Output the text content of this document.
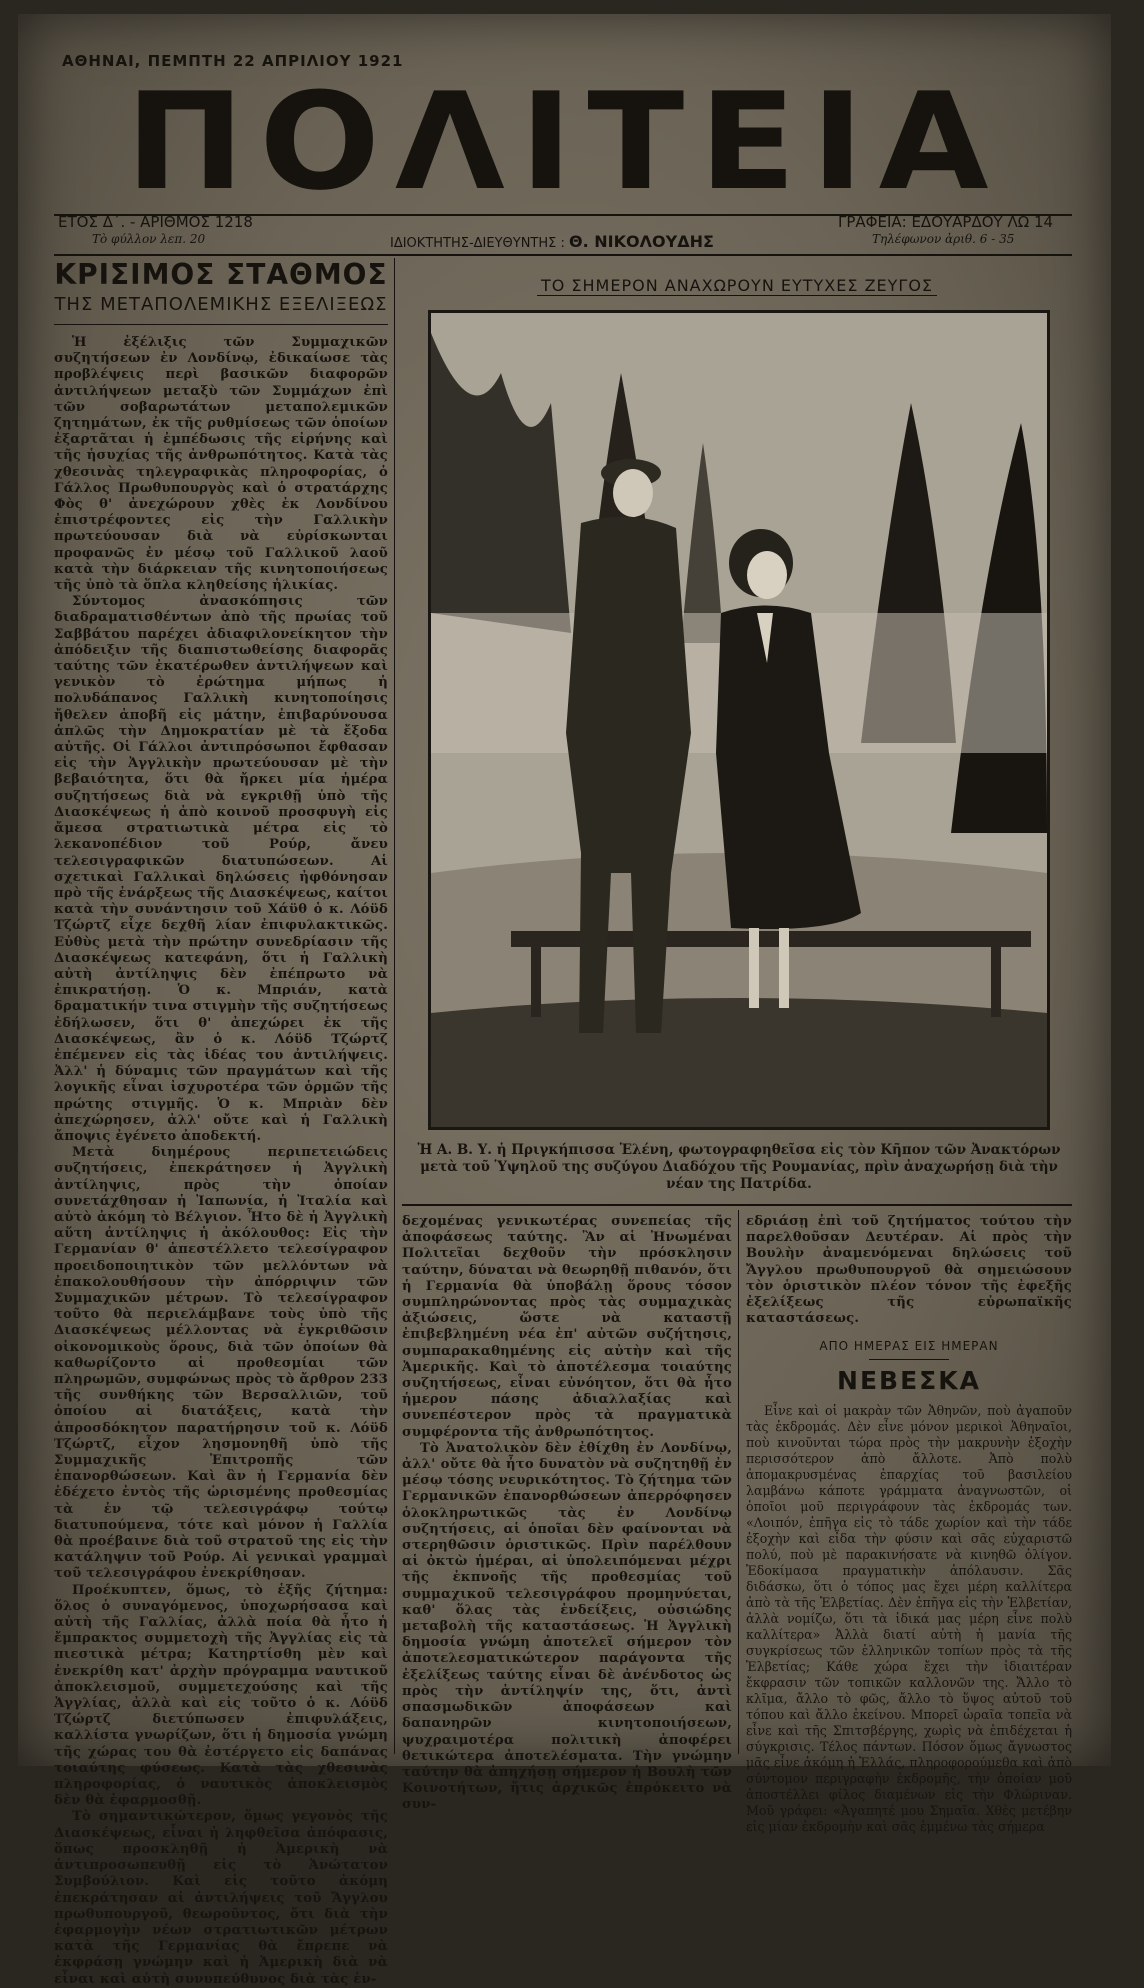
ΑΘΗΝΑΙ, ΠΕΜΠΤΗ 22 ΑΠΡΙΛΙΟΥ 1921
ΠΟΛΙΤΕΙΑ
ΕΤΟΣ Δ΄. - ΑΡΙΘΜΟΣ 1218
Τὸ φύλλον λεπ. 20	ΙΔΙΟΚΤΗΤΗΣ-ΔΙΕΥΘΥΝΤΗΣ : Θ. ΝΙΚΟΛΟΥΔΗΣ
ΓΡΑΦΕΙΑ: ΕΔΟΥΑΡΔΟΥ ΛΩ 14
Τηλέφωνον ἀριθ. 6 - 35
ΚΡΙΣΙΜΟΣ ΣΤΑΘΜΟΣ
ΤΗΣ ΜΕΤΑΠΟΛΕΜΙΚΗΣ ΕΞΕΛΙΞΕΩΣ

Ἡ ἐξέλιξις τῶν Συμμαχικῶν συζητήσεων ἐν Λονδίνῳ, ἐδικαίωσε τὰς προβλέψεις περὶ βασικῶν διαφορῶν ἀντιλήψεων μεταξὺ τῶν Συμμάχων ἐπὶ τῶν σοβαρωτάτων μεταπολεμικῶν ζητημάτων, ἐκ τῆς ρυθμίσεως τῶν ὁποίων ἐξαρτᾶται ἡ ἐμπέδωσις τῆς εἰρήνης καὶ τῆς ἡσυχίας τῆς ἀνθρωπότητος. Κατὰ τὰς χθεσινὰς τηλεγραφικὰς πληροφορίας, ὁ Γάλλος Πρωθυπουργὸς καὶ ὁ στρατάρχης Φὸς θ' ἀνεχώρουν χθὲς ἐκ Λονδίνου ἐπιστρέφοντες εἰς τὴν Γαλλικὴν πρωτεύουσαν διὰ νὰ εὑρίσκωνται προφανῶς ἐν μέσῳ τοῦ Γαλλικοῦ λαοῦ κατὰ τὴν διάρκειαν τῆς κινητοποιήσεως τῆς ὑπὸ τὰ ὅπλα κληθείσης ἡλικίας.

Σύντομος ἀνασκόπησις τῶν διαδραματισθέντων ἀπὸ τῆς πρωίας τοῦ Σαββάτου παρέχει ἀδιαφιλονείκητον τὴν ἀπόδειξιν τῆς διαπιστωθείσης διαφορᾶς ταύτης τῶν ἐκατέρωθεν ἀντιλήψεων καὶ γενικὸν τὸ ἐρώτημα μήπως ἡ πολυδάπανος Γαλλικὴ κινητοποίησις ἤθελεν ἀποβῆ εἰς μάτην, ἐπιβαρύνουσα ἁπλῶς τὴν Δημοκρατίαν μὲ τὰ ἔξοδα αὐτῆς. Οἱ Γάλλοι ἀντιπρόσωποι ἔφθασαν εἰς τὴν Ἀγγλικὴν πρωτεύουσαν μὲ τὴν βεβαιότητα, ὅτι θὰ ἤρκει μία ἡμέρα συζητήσεως διὰ νὰ εγκριθῇ ὑπὸ τῆς Διασκέψεως ἡ ἀπὸ κοινοῦ προσφυγὴ εἰς ἄμεσα στρατιωτικὰ μέτρα εἰς τὸ λεκανοπέδιον τοῦ Ρούρ, ἄνευ τελεσιγραφικῶν διατυπώσεων. Αἱ σχετικαὶ Γαλλικαὶ δηλώσεις ἠφθόνησαν πρὸ τῆς ἐνάρξεως τῆς Διασκέψεως, καίτοι κατὰ τὴν συνάντησιν τοῦ Χάϋθ ὁ κ. Λόϋδ Τζώρτζ εἶχε δεχθῆ λίαν ἐπιφυλακτικῶς. Εὐθὺς μετὰ τὴν πρώτην συνεδρίασιν τῆς Διασκέψεως κατεφάνη, ὅτι ἡ Γαλλικὴ αὐτὴ ἀντίληψις δὲν ἐπέπρωτο νὰ ἐπικρατήσῃ. Ὁ κ. Μπριάν, κατὰ δραματικήν τινα στιγμὴν τῆς συζητήσεως ἐδήλωσεν, ὅτι θ' ἀπεχώρει ἐκ τῆς Διασκέψεως, ἂν ὁ κ. Λόϋδ Τζώρτζ ἐπέμενεν εἰς τὰς ἰδέας του ἀντιλήψεις. Ἀλλ' ἡ δύναμις τῶν πραγμάτων καὶ τῆς λογικῆς εἶναι ἰσχυροτέρα τῶν ὁρμῶν τῆς πρώτης στιγμῆς. Ὁ κ. Μπριὰν δὲν ἀπεχώρησεν, ἀλλ' οὔτε καὶ ἡ Γαλλικὴ ἄποψις ἐγένετο ἀποδεκτή.

Μετὰ διημέρους περιπετειώδεις συζητήσεις, ἐπεκράτησεν ἡ Ἀγγλικὴ ἀντίληψις, πρὸς τὴν ὁποίαν συνετάχθησαν ἡ Ἰαπωνία, ἡ Ἰταλία καὶ αὐτὸ ἀκόμη τὸ Βέλγιον. Ἦτο δὲ ἡ Ἀγγλικὴ αὕτη ἀντίληψις ἡ ἀκόλουθος: Εἰς τὴν Γερμανίαν θ' ἀπεστέλλετο τελεσίγραφον προειδοποιητικὸν τῶν μελλόντων νὰ ἐπακολουθήσουν τὴν ἀπόρριψιν τῶν Συμμαχικῶν μέτρων. Τὸ τελεσίγραφον τοῦτο θὰ περιελάμβανε τοὺς ὑπὸ τῆς Διασκέψεως μέλλοντας νὰ ἐγκριθῶσιν οἰκονομικοὺς ὅρους, διὰ τῶν ὁποίων θὰ καθωρίζοντο αἱ προθεσμίαι τῶν πληρωμῶν, συμφώνως πρὸς τὸ ἄρθρον 233 τῆς συνθήκης τῶν Βερσαλλιῶν, τοῦ ὁποίου αἱ διατάξεις, κατὰ τὴν ἀπροσδόκητον παρατήρησιν τοῦ κ. Λόϋδ Τζώρτζ, εἶχον λησμονηθῆ ὑπὸ τῆς Συμμαχικῆς Ἐπιτροπῆς τῶν ἐπανορθώσεων. Καὶ ἂν ἡ Γερμανία δὲν ἐδέχετο ἐντὸς τῆς ὡρισμένης προθεσμίας τὰ ἐν τῷ τελεσιγράφῳ τούτῳ διατυπούμενα, τότε καὶ μόνον ἡ Γαλλία θὰ προέβαινε διὰ τοῦ στρατοῦ της εἰς τὴν κατάληψιν τοῦ Ρούρ. Αἱ γενικαὶ γραμμαὶ τοῦ τελεσιγράφου ἐνεκρίθησαν.

Προέκυπτεν, ὅμως, τὸ ἑξῆς ζήτημα: ὅλος ὁ συναγόμενος, ὑποχωρήσασα καὶ αὐτὴ τῆς Γαλλίας, ἀλλὰ ποία θὰ ἦτο ἡ ἔμπρακτος συμμετοχὴ τῆς Ἀγγλίας εἰς τὰ πιεστικὰ μέτρα; Κατηρτίσθη μὲν καὶ ἐνεκρίθη κατ' ἀρχὴν πρόγραμμα ναυτικοῦ ἀποκλεισμοῦ, συμμετεχούσης καὶ τῆς Ἀγγλίας, ἀλλὰ καὶ εἰς τοῦτο ὁ κ. Λόϋδ Τζώρτζ διετύπωσεν ἐπιφυλάξεις, καλλίστα γνωρίζων, ὅτι ἡ δημοσία γνώμη τῆς χώρας του θὰ ἐστέργετο εἰς δαπάνας τοιαύτης φύσεως. Κατὰ τὰς χθεσινὰς πληροφορίας, ὁ ναυτικὸς ἀποκλεισμὸς δὲν θὰ ἐφαρμοσθῇ.

Τὸ σημαντικώτερον, ὅμως γεγονὸς τῆς Διασκέψεως, εἶναι ἡ ληφθεῖσα ἀπόφασις, ὅπως προσκληθῇ ἡ Ἀμερικὴ νὰ ἀντιπροσωπευθῇ εἰς τὸ Ἀνώτατον Συμβούλιον. Καὶ εἰς τοῦτο ἀκόμη ἐπεκράτησαν αἱ ἀντιλήψεις τοῦ Ἄγγλου πρωθυπουργοῦ, θεωροῦντος, ὅτι διὰ τὴν ἐφαρμογὴν νέων στρατιωτικῶν μέτρων κατὰ τῆς Γερμανίας θὰ ἔπρεπε νὰ ἐκφράσῃ γνώμην καὶ ἡ Ἀμερικὴ διὰ νὰ εἶναι καὶ αὐτὴ συνυπεύθυνος διὰ τὰς ἐν-

ΤΟ ΣΗΜΕΡΟΝ ΑΝΑΧΩΡΟΥΝ ΕΥΤΥΧΕΣ ΖΕΥΓΟΣ
Ἡ Α. Β. Υ. ἡ Πριγκήπισσα Ἑλένη, φωτογραφηθεῖσα εἰς τὸν Κῆπον τῶν Ἀνακτόρων μετὰ τοῦ Ὑψηλοῦ της συζύγου Διαδόχου τῆς Ρουμανίας, πρὶν ἀναχωρήσῃ διὰ τὴν νέαν της Πατρίδα.

δεχομένας γενικωτέρας συνεπείας τῆς ἀποφάσεως ταύτης. Ἂν αἱ Ἡνωμέναι Πολιτεῖαι δεχθοῦν τὴν πρόσκλησιν ταύτην, δύναται νὰ θεωρηθῇ πιθανόν, ὅτι ἡ Γερμανία θὰ ὑποβάλῃ ὅρους τόσον συμπληρώνοντας πρὸς τὰς συμμαχικὰς ἀξιώσεις, ὥστε νὰ καταστῇ ἐπιβεβλημένη νέα ἐπ' αὐτῶν συζήτησις, συμπαρακαθημένης εἰς αὐτὴν καὶ τῆς Ἀμερικῆς. Καὶ τὸ ἀποτέλεσμα τοιαύτης συζητήσεως, εἶναι εὐνόητον, ὅτι θὰ ἦτο ἡμερον πάσης ἀδιαλλαξίας καὶ συνεπέστερον πρὸς τὰ πραγματικὰ συμφέροντα τῆς ἀνθρωπότητος.

Τὸ Ἀνατολικὸν δὲν ἐθίχθη ἐν Λονδίνῳ, ἀλλ' οὔτε θὰ ἦτο δυνατὸν νὰ συζητηθῇ ἐν μέσῳ τόσης νευρικότητος. Τὸ ζήτημα τῶν Γερμανικῶν ἐπανορθώσεων ἀπερρόφησεν ὁλοκληρωτικῶς τὰς ἐν Λονδίνῳ συζητήσεις, αἱ ὁποῖαι δὲν φαίνονται νὰ στερηθῶσιν ὁριστικῶς. Πρὶν παρέλθουν αἱ ὀκτὼ ἡμέραι, αἱ ὑπολειπόμεναι μέχρι τῆς ἐκπνοῆς τῆς προθεσμίας τοῦ συμμαχικοῦ τελεσιγράφου προμηνύεται, καθ' ὅλας τὰς ἐνδείξεις, οὐσιώδης μεταβολὴ τῆς καταστάσεως. Ἡ Ἀγγλικὴ δημοσία γνώμη ἀποτελεῖ σήμερον τὸν ἀποτελεσματικώτερον παράγοντα τῆς ἐξελίξεως ταύτης εἶναι δὲ ἀνένδοτος ὡς πρὸς τὴν ἀντίληψίν της, ὅτι, ἀντὶ σπασμωδικῶν ἀποφάσεων καὶ δαπανηρῶν κινητοποιήσεων, ψυχραιμοτέρα πολιτικὴ ἀποφέρει θετικώτερα ἀποτελέσματα. Τὴν γνώμην ταύτην θὰ ἀπηχήσῃ σήμερον ἡ Βουλὴ τῶν Κοινοτήτων, ἥτις ἀρχικῶς ἐπρόκειτο νὰ συν-

εδριάσῃ ἐπὶ τοῦ ζητήματος τούτου τὴν παρελθοῦσαν Δευτέραν. Αἱ πρὸς τὴν Βουλὴν ἀναμενόμεναι δηλώσεις τοῦ Ἄγγλου πρωθυπουργοῦ θὰ σημειώσουν τὸν ὁριστικὸν πλέον τόνον τῆς ἐφεξῆς ἐξελίξεως τῆς εὐρωπαϊκῆς καταστάσεως.

ΑΠΟ ΗΜΕΡΑΣ ΕΙΣ ΗΜΕΡΑΝ
ΝΕΒΕΣΚΑ

Εἶνε καὶ οἱ μακρὰν τῶν Ἀθηνῶν, ποὺ ἀγαποῦν τὰς ἐκδρομάς. Δὲν εἶνε μόνον μερικοὶ Ἀθηναῖοι, ποὺ κινοῦνται τώρα πρὸς τὴν μακρυνὴν ἐξοχὴν περισσότερον ἀπὸ ἄλλοτε. Ἀπὸ πολὺ ἀπομακρυσμένας ἐπαρχίας τοῦ βασιλείου λαμβάνω κάποτε γράμματα ἀναγνωστῶν, οἱ ὁποῖοι μοῦ περιγράφουν τὰς ἐκδρομάς των. «Λοιπόν, ἐπῆγα εἰς τὸ τάδε χωρίον καὶ τὴν τάδε ἐξοχὴν καὶ εἶδα τὴν φύσιν καὶ σᾶς εὐχαριστῶ πολύ, ποὺ μὲ παρακινήσατε νὰ κινηθῶ ὀλίγον. Ἐδοκίμασα πραγματικὴν ἀπόλαυσιν. Σᾶς διδάσκω, ὅτι ὁ τόπος μας ἔχει μέρη καλλίτερα ἀπὸ τὰ τῆς Ἑλβετίας. Δὲν ἐπῆγα εἰς τὴν Ἑλβετίαν, ἀλλὰ νομίζω, ὅτι τὰ ἰδικά μας μέρη εἶνε πολὺ καλλίτερα» Ἀλλὰ διατί αὐτὴ ἡ μανία τῆς συγκρίσεως τῶν ἑλληνικῶν τοπίων πρὸς τὰ τῆς Ἑλβετίας; Κάθε χώρα ἔχει τὴν ἰδιαιτέραν ἔκφρασιν τῶν τοπικῶν καλλονῶν της. Ἄλλο τὸ κλῖμα, ἄλλο τὸ φῶς, ἄλλο τὸ ὕψος αὐτοῦ τοῦ τόπου καὶ ἄλλο ἐκείνου. Μπορεῖ ὡραῖα τοπεῖα νὰ εἶνε καὶ τῆς Σπιτσβέργης, χωρὶς νὰ ἐπιδέχεται ἡ σύγκρισις. Τέλος πάντων. Πόσον ὅμως ἄγνωστος μᾶς εἶνε ἀκόμη ἡ Ἑλλάς, πληροφορούμεθα καὶ ἀπὸ σύντομον περιγραφὴν ἐκδρομῆς, τὴν ὁποίαν μοῦ ἀποστέλλει φίλος διαμένων εἰς τὴν Φλώριναν. Μοῦ γράφει: «Ἀγαπητέ μου Σημαῖα. Χθὲς μετέβην εἰς μίαν ἐκδρομὴν καὶ σᾶς ἐμμένω τὰς σήμερα
